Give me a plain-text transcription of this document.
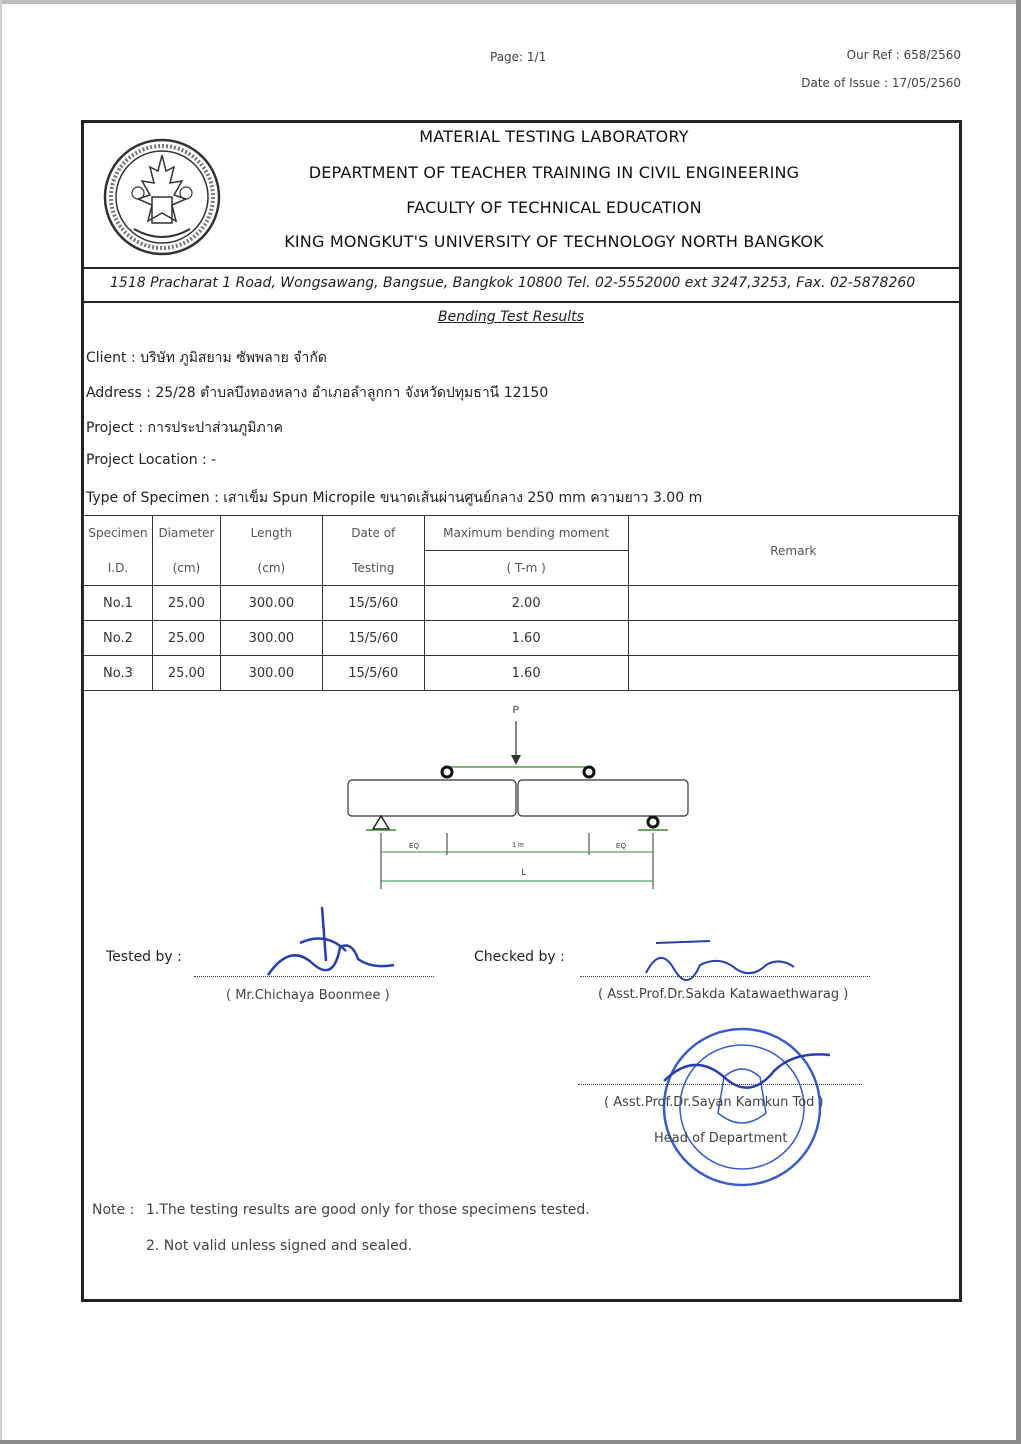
Page: 1/1	Our Ref : 658/2560
Date of Issue : 17/05/2560
MATERIAL TESTING LABORATORY
DEPARTMENT OF TEACHER TRAINING IN CIVIL ENGINEERING
FACULTY OF TECHNICAL EDUCATION
KING MONGKUT'S UNIVERSITY OF TECHNOLOGY NORTH BANGKOK
1518 Pracharat 1 Road, Wongsawang, Bangsue, Bangkok 10800 Tel. 02-5552000 ext 3247,3253, Fax. 02-5878260
Bending Test Results
Client : บริษัท ภูมิสยาม ซัพพลาย จำกัด
Address : 25/28 ตำบลบึงทองหลาง อำเภอลำลูกกา จังหวัดปทุมธานี 12150
Project : การประปาส่วนภูมิภาค
Project Location : -
Type of Specimen : เสาเข็ม Spun Micropile ขนาดเส้นผ่านศูนย์กลาง 250 mm ความยาว 3.00 m
Specimen	Diameter	Length	Date of	Maximum bending moment	Remark
I.D.	(cm)	(cm)	Testing	( T-m )	
No.1	25.00	300.00	15/5/60	2.00	
No.2	25.00	300.00	15/5/60	1.60	
No.3	25.00	300.00	15/5/60	1.60	
P
EQ	1 m	EQ
L
Tested by :
( Mr.Chichaya Boonmee )
Checked by :
( Asst.Prof.Dr.Sakda Katawaethwarag )
( Asst.Prof.Dr.Sayan Kamkun Tod )
Head of Department
Note : 1.The testing results are good only for those specimens tested.
2. Not valid unless signed and sealed.
